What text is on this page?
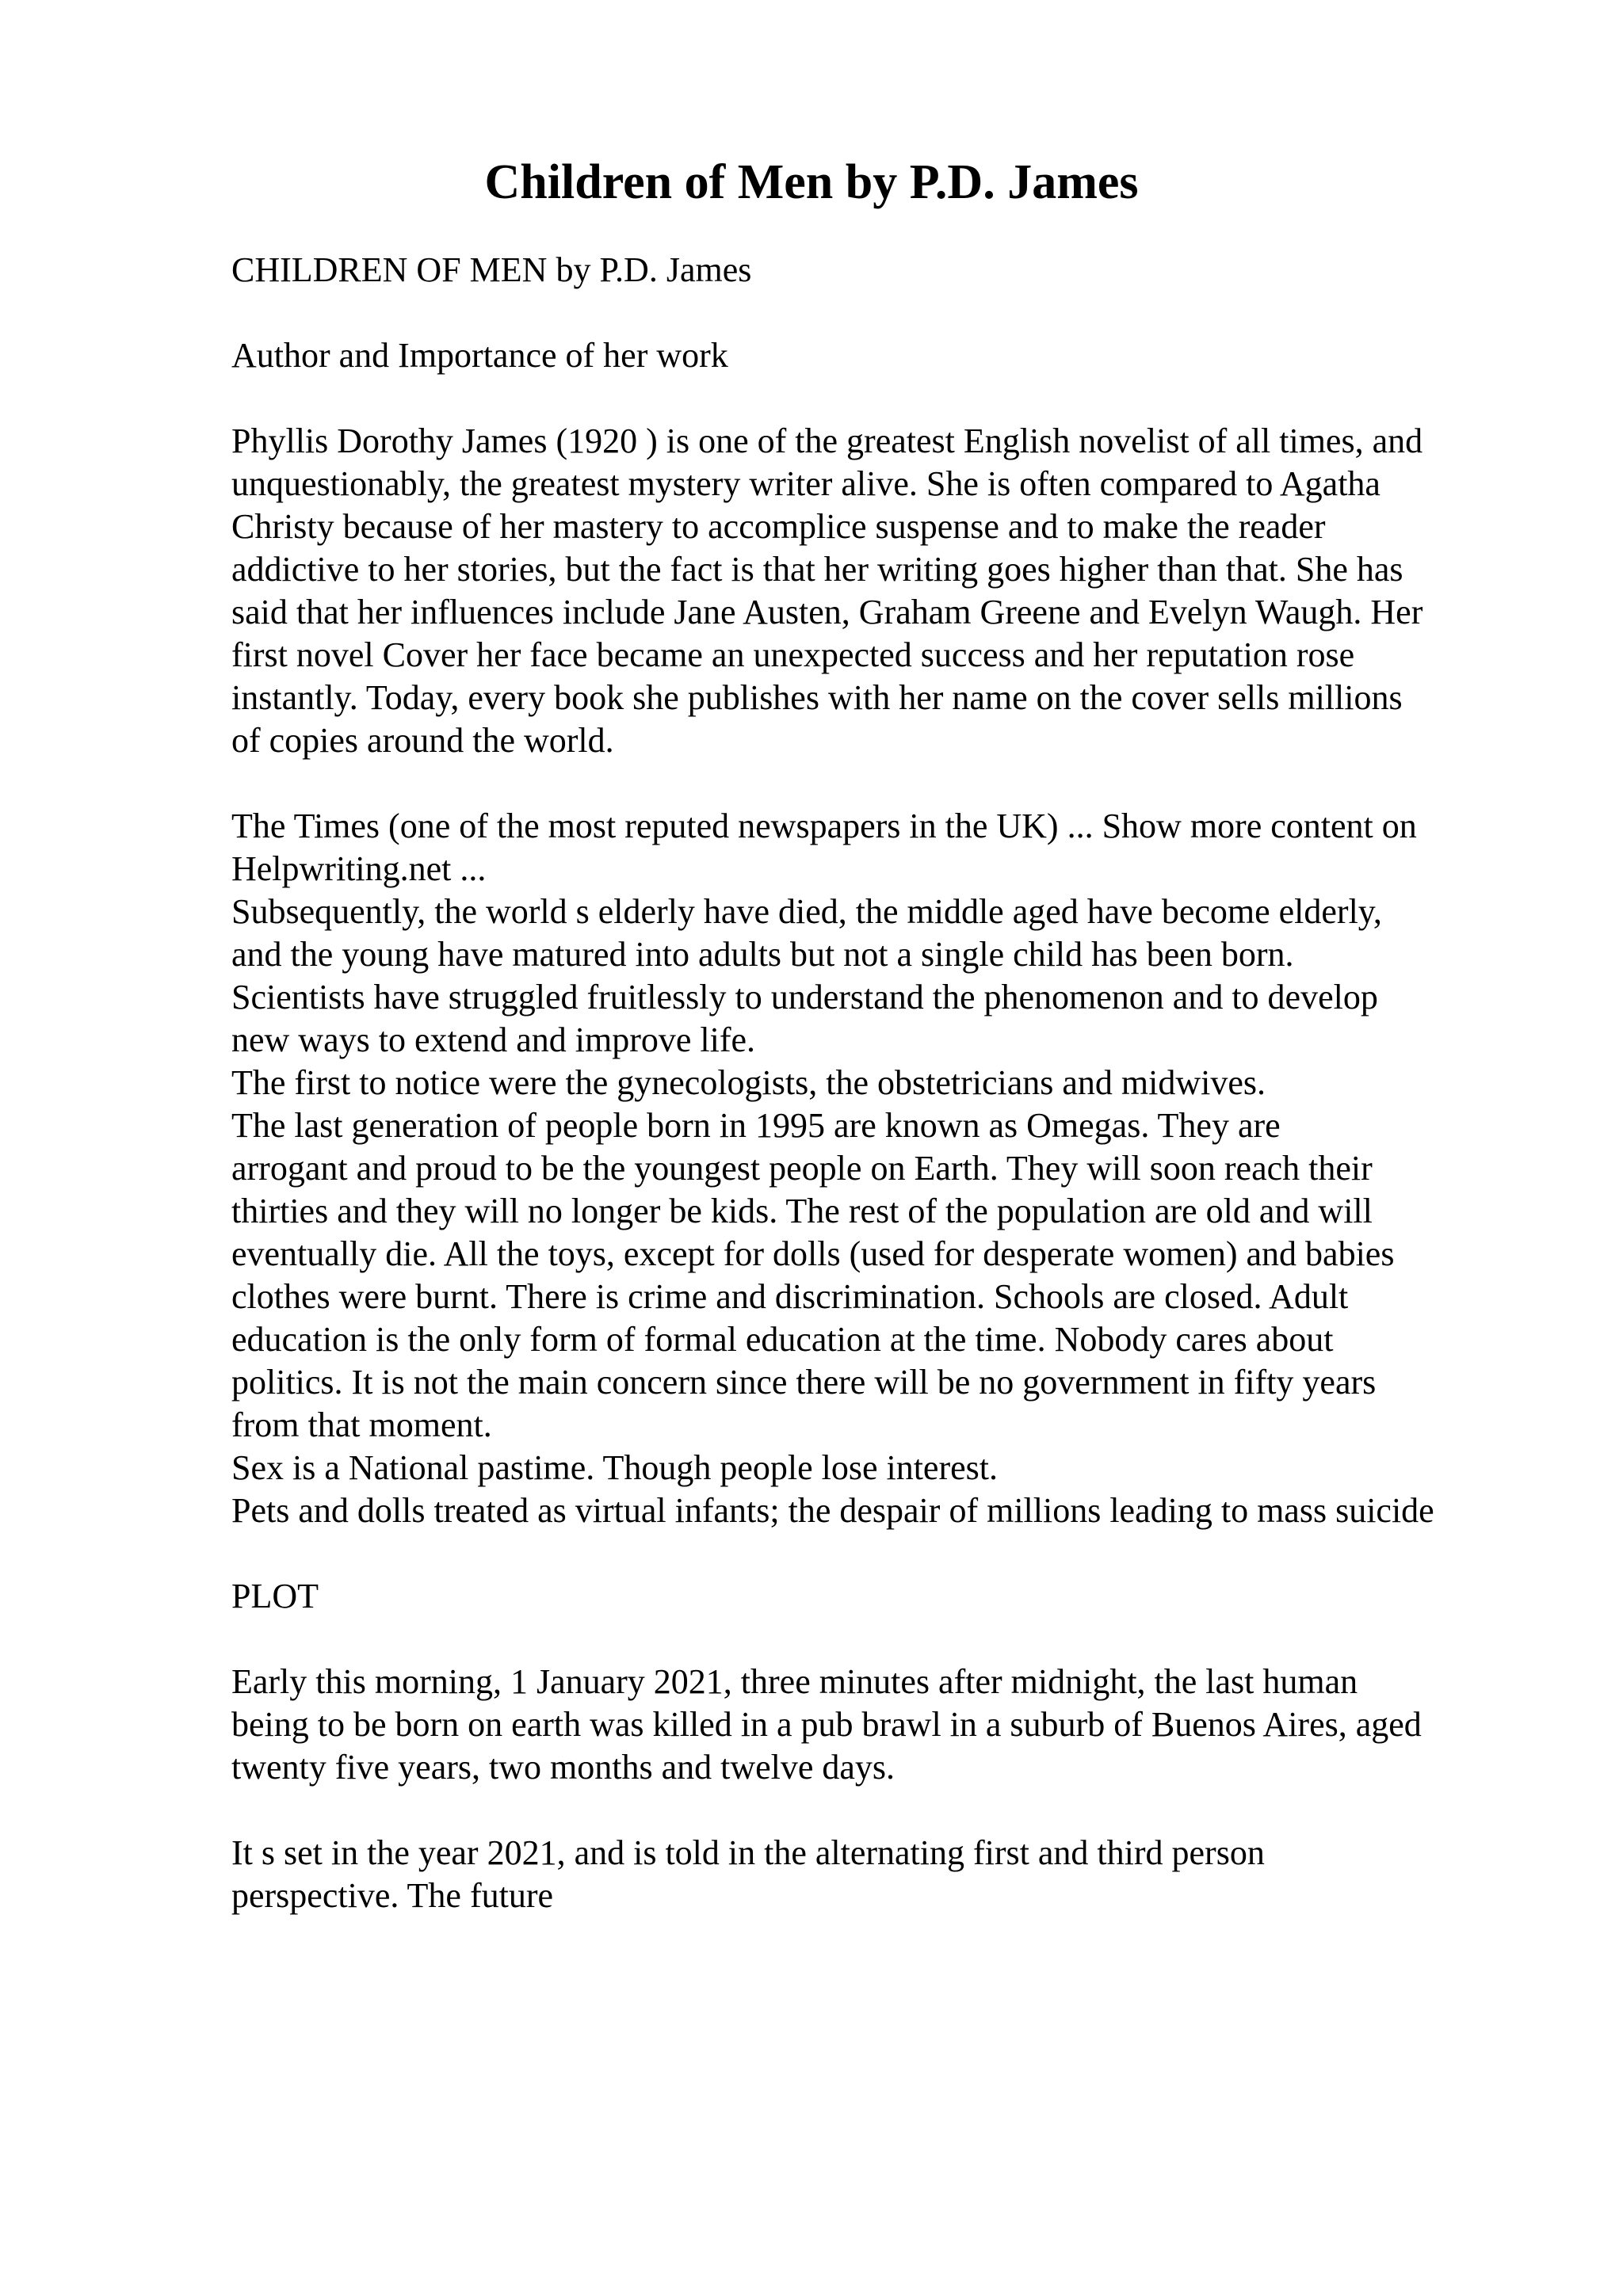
Children of Men by P.D. James
CHILDREN OF MEN by P.D. James
Author and Importance of her work
Phyllis Dorothy James (1920 ) is one of the greatest English novelist of all times, and
unquestionably, the greatest mystery writer alive. She is often compared to Agatha
Christy because of her mastery to accomplice suspense and to make the reader
addictive to her stories, but the fact is that her writing goes higher than that. She has
said that her influences include Jane Austen, Graham Greene and Evelyn Waugh. Her
first novel Cover her face became an unexpected success and her reputation rose
instantly. Today, every book she publishes with her name on the cover sells millions
of copies around the world.
The Times (one of the most reputed newspapers in the UK) ... Show more content on
Helpwriting.net ...
Subsequently, the world s elderly have died, the middle aged have become elderly,
and the young have matured into adults but not a single child has been born.
Scientists have struggled fruitlessly to understand the phenomenon and to develop
new ways to extend and improve life.
The first to notice were the gynecologists, the obstetricians and midwives.
The last generation of people born in 1995 are known as Omegas. They are
arrogant and proud to be the youngest people on Earth. They will soon reach their
thirties and they will no longer be kids. The rest of the population are old and will
eventually die. All the toys, except for dolls (used for desperate women) and babies
clothes were burnt. There is crime and discrimination. Schools are closed. Adult
education is the only form of formal education at the time. Nobody cares about
politics. It is not the main concern since there will be no government in fifty years
from that moment.
Sex is a National pastime. Though people lose interest.
Pets and dolls treated as virtual infants; the despair of millions leading to mass suicide
PLOT
Early this morning, 1 January 2021, three minutes after midnight, the last human
being to be born on earth was killed in a pub brawl in a suburb of Buenos Aires, aged
twenty five years, two months and twelve days.
It s set in the year 2021, and is told in the alternating first and third person
perspective. The future
